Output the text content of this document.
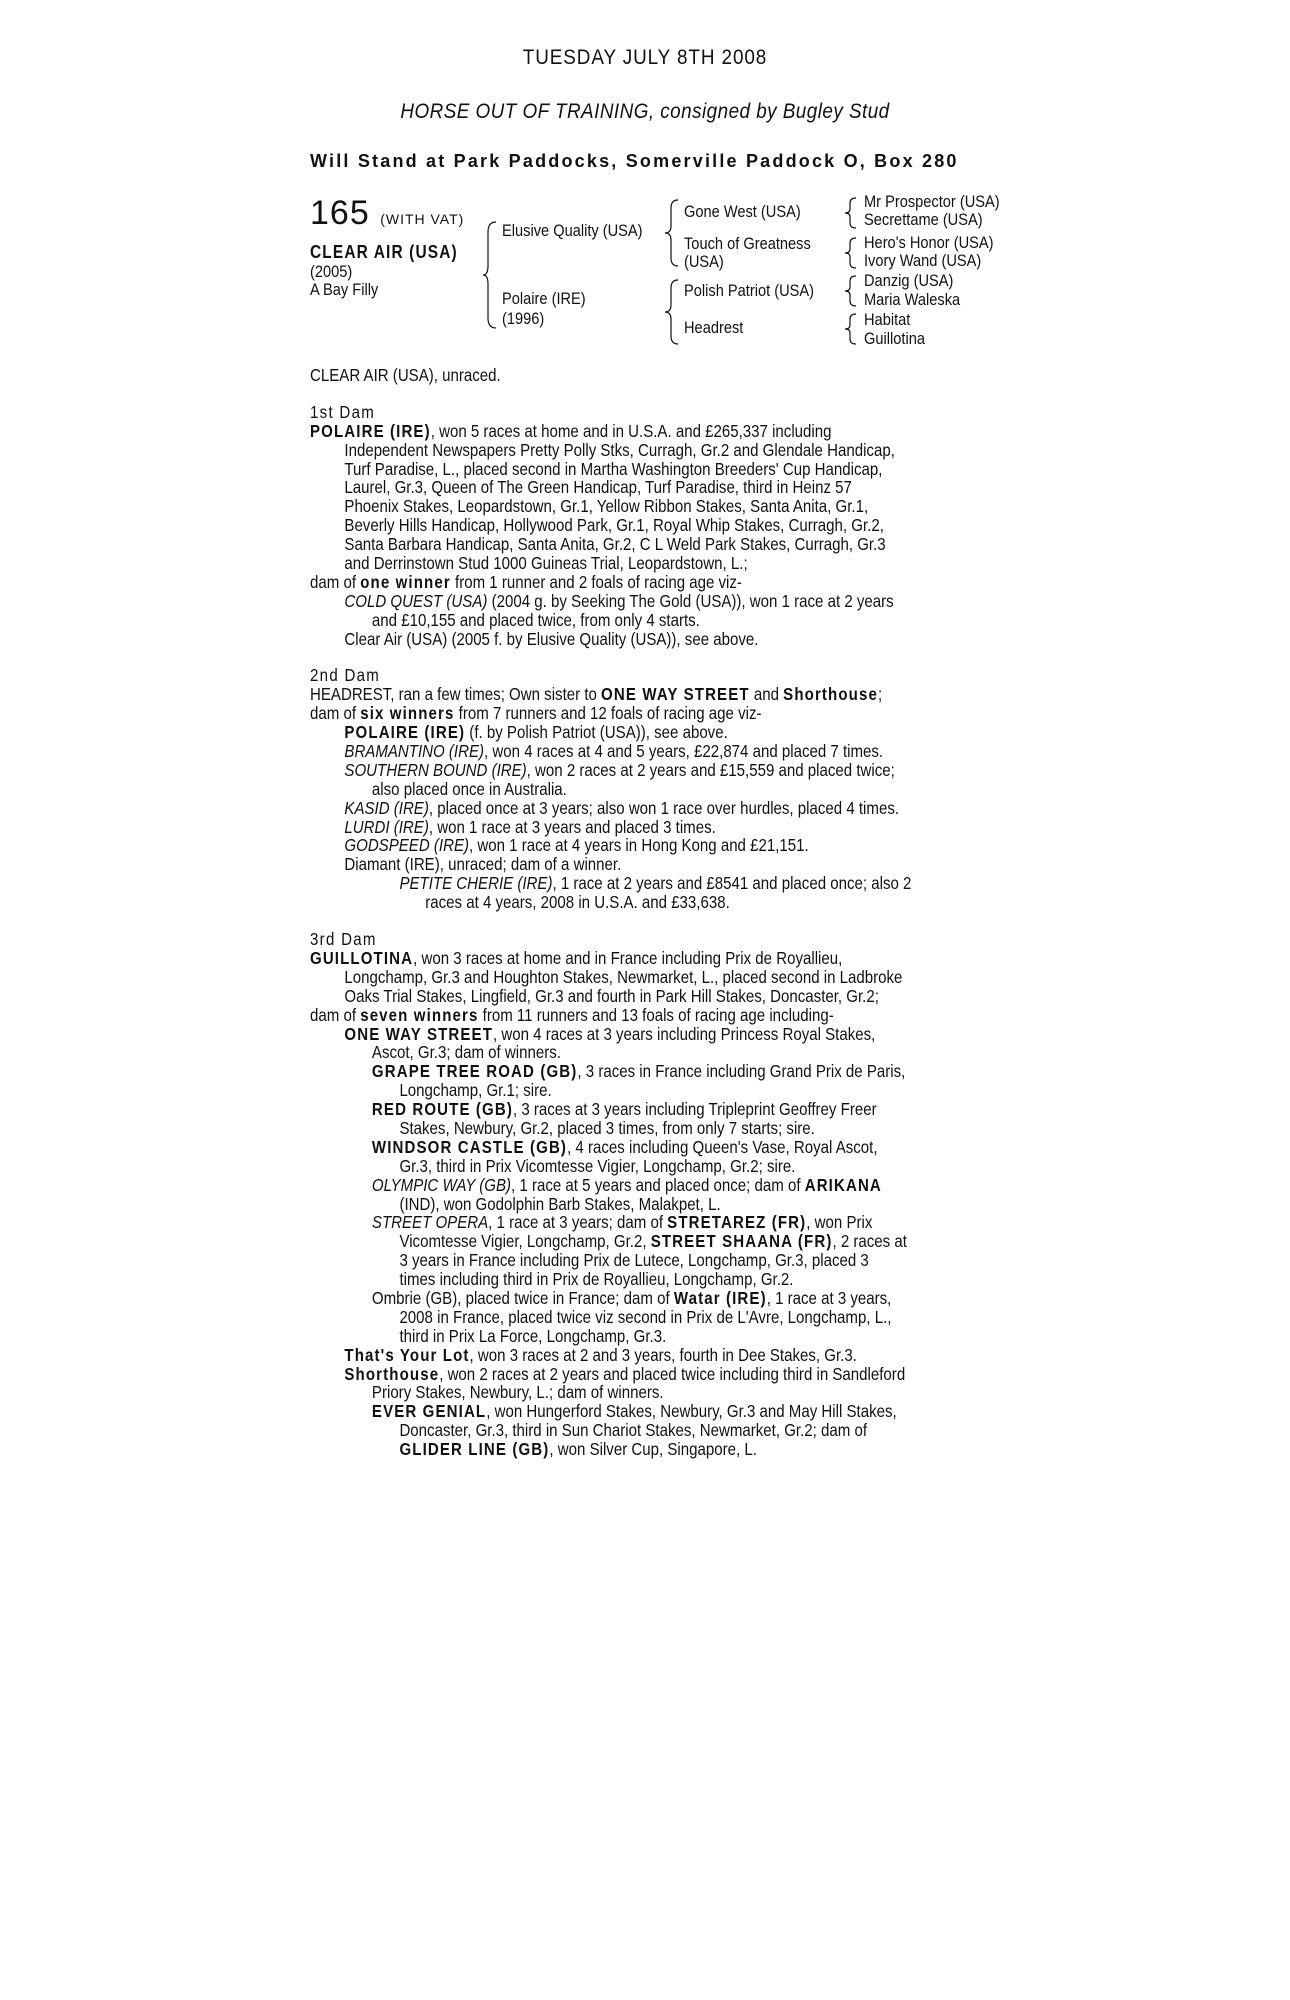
TUESDAY JULY 8TH 2008
HORSE OUT OF TRAINING, consigned by Bugley Stud
Will Stand at Park Paddocks, Somerville Paddock O, Box 280
165 (WITH VAT)
CLEAR AIR (USA)
(2005)
A Bay Filly
Elusive Quality (USA)
Polaire (IRE)
(1996)
Gone West (USA)
Touch of Greatness
(USA)
Polish Patriot (USA)
Headrest
Mr Prospector (USA)
Secrettame (USA)
Hero's Honor (USA)
Ivory Wand (USA)
Danzig (USA)
Maria Waleska
Habitat
Guillotina
CLEAR AIR (USA), unraced.
1st Dam
POLAIRE (IRE), won 5 races at home and in U.S.A. and £265,337 including
Independent Newspapers Pretty Polly Stks, Curragh, Gr.2 and Glendale Handicap,
Turf Paradise, L., placed second in Martha Washington Breeders' Cup Handicap,
Laurel, Gr.3, Queen of The Green Handicap, Turf Paradise, third in Heinz 57
Phoenix Stakes, Leopardstown, Gr.1, Yellow Ribbon Stakes, Santa Anita, Gr.1,
Beverly Hills Handicap, Hollywood Park, Gr.1, Royal Whip Stakes, Curragh, Gr.2,
Santa Barbara Handicap, Santa Anita, Gr.2, C L Weld Park Stakes, Curragh, Gr.3
and Derrinstown Stud 1000 Guineas Trial, Leopardstown, L.;
dam of one winner from 1 runner and 2 foals of racing age viz-
COLD QUEST (USA) (2004 g. by Seeking The Gold (USA)), won 1 race at 2 years
and £10,155 and placed twice, from only 4 starts.
Clear Air (USA) (2005 f. by Elusive Quality (USA)), see above.
2nd Dam
HEADREST, ran a few times; Own sister to ONE WAY STREET and Shorthouse;
dam of six winners from 7 runners and 12 foals of racing age viz-
POLAIRE (IRE) (f. by Polish Patriot (USA)), see above.
BRAMANTINO (IRE), won 4 races at 4 and 5 years, £22,874 and placed 7 times.
SOUTHERN BOUND (IRE), won 2 races at 2 years and £15,559 and placed twice;
also placed once in Australia.
KASID (IRE), placed once at 3 years; also won 1 race over hurdles, placed 4 times.
LURDI (IRE), won 1 race at 3 years and placed 3 times.
GODSPEED (IRE), won 1 race at 4 years in Hong Kong and £21,151.
Diamant (IRE), unraced; dam of a winner.
PETITE CHERIE (IRE), 1 race at 2 years and £8541 and placed once; also 2
races at 4 years, 2008 in U.S.A. and £33,638.
3rd Dam
GUILLOTINA, won 3 races at home and in France including Prix de Royallieu,
Longchamp, Gr.3 and Houghton Stakes, Newmarket, L., placed second in Ladbroke
Oaks Trial Stakes, Lingfield, Gr.3 and fourth in Park Hill Stakes, Doncaster, Gr.2;
dam of seven winners from 11 runners and 13 foals of racing age including-
ONE WAY STREET, won 4 races at 3 years including Princess Royal Stakes,
Ascot, Gr.3; dam of winners.
GRAPE TREE ROAD (GB), 3 races in France including Grand Prix de Paris,
Longchamp, Gr.1; sire.
RED ROUTE (GB), 3 races at 3 years including Tripleprint Geoffrey Freer
Stakes, Newbury, Gr.2, placed 3 times, from only 7 starts; sire.
WINDSOR CASTLE (GB), 4 races including Queen's Vase, Royal Ascot,
Gr.3, third in Prix Vicomtesse Vigier, Longchamp, Gr.2; sire.
OLYMPIC WAY (GB), 1 race at 5 years and placed once; dam of ARIKANA
(IND), won Godolphin Barb Stakes, Malakpet, L.
STREET OPERA, 1 race at 3 years; dam of STRETAREZ (FR), won Prix
Vicomtesse Vigier, Longchamp, Gr.2, STREET SHAANA (FR), 2 races at
3 years in France including Prix de Lutece, Longchamp, Gr.3, placed 3
times including third in Prix de Royallieu, Longchamp, Gr.2.
Ombrie (GB), placed twice in France; dam of Watar (IRE), 1 race at 3 years,
2008 in France, placed twice viz second in Prix de L'Avre, Longchamp, L.,
third in Prix La Force, Longchamp, Gr.3.
That's Your Lot, won 3 races at 2 and 3 years, fourth in Dee Stakes, Gr.3.
Shorthouse, won 2 races at 2 years and placed twice including third in Sandleford
Priory Stakes, Newbury, L.; dam of winners.
EVER GENIAL, won Hungerford Stakes, Newbury, Gr.3 and May Hill Stakes,
Doncaster, Gr.3, third in Sun Chariot Stakes, Newmarket, Gr.2; dam of
GLIDER LINE (GB), won Silver Cup, Singapore, L.
